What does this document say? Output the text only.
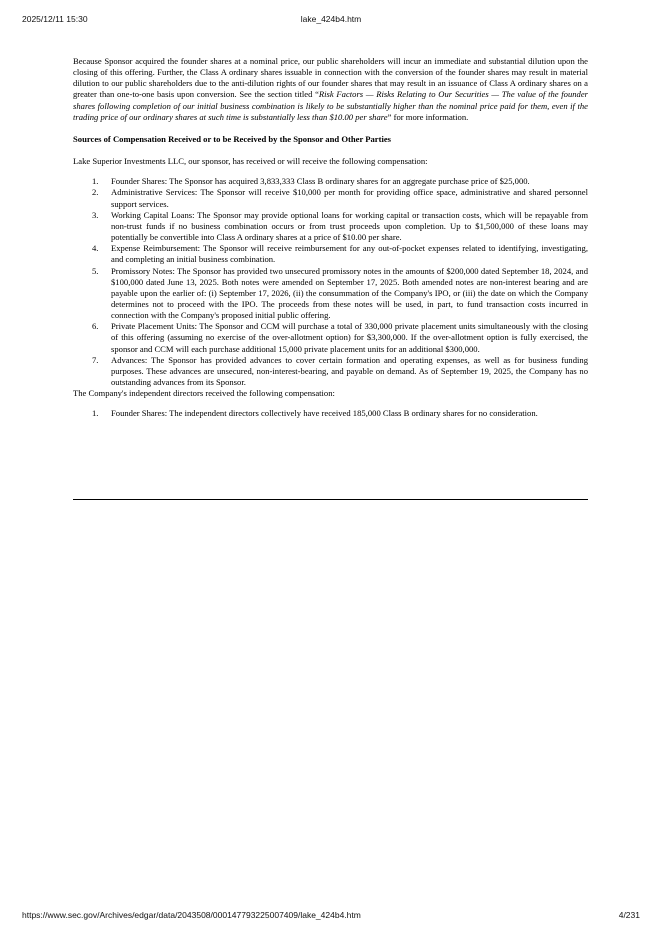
2025/12/11 15:30	lake_424b4.htm

Because Sponsor acquired the founder shares at a nominal price, our public shareholders will incur an immediate and substantial dilution upon the closing of this offering. Further, the Class A ordinary shares issuable in connection with the conversion of the founder shares may result in material dilution to our public shareholders due to the anti-dilution rights of our founder shares that may result in an issuance of Class A ordinary shares on a greater than one-to-one basis upon conversion. See the section titled “Risk Factors — Risks Relating to Our Securities — The value of the founder shares following completion of our initial business combination is likely to be substantially higher than the nominal price paid for them, even if the trading price of our ordinary shares at such time is substantially less than $10.00 per share” for more information.

Sources of Compensation Received or to be Received by the Sponsor and Other Parties

Lake Superior Investments LLC, our sponsor, has received or will receive the following compensation:

1. Founder Shares: The Sponsor has acquired 3,833,333 Class B ordinary shares for an aggregate purchase price of $25,000.
2. Administrative Services: The Sponsor will receive $10,000 per month for providing office space, administrative and shared personnel support services.
3. Working Capital Loans: The Sponsor may provide optional loans for working capital or transaction costs, which will be repayable from non-trust funds if no business combination occurs or from trust proceeds upon completion. Up to $1,500,000 of these loans may potentially be convertible into Class A ordinary shares at a price of $10.00 per share.
4. Expense Reimbursement: The Sponsor will receive reimbursement for any out-of-pocket expenses related to identifying, investigating, and completing an initial business combination.
5. Promissory Notes: The Sponsor has provided two unsecured promissory notes in the amounts of $200,000 dated September 18, 2024, and $100,000 dated June 13, 2025. Both notes were amended on September 17, 2025. Both amended notes are non-interest bearing and are payable upon the earlier of: (i) September 17, 2026, (ii) the consummation of the Company's IPO, or (iii) the date on which the Company determines not to proceed with the IPO. The proceeds from these notes will be used, in part, to fund transaction costs incurred in connection with the Company's proposed initial public offering.
6. Private Placement Units: The Sponsor and CCM will purchase a total of 330,000 private placement units simultaneously with the closing of this offering (assuming no exercise of the over-allotment option) for $3,300,000. If the over-allotment option is fully exercised, the sponsor and CCM will each purchase additional 15,000 private placement units for an additional $300,000.
7. Advances: The Sponsor has provided advances to cover certain formation and operating expenses, as well as for business funding purposes. These advances are unsecured, non-interest-bearing, and payable on demand. As of September 19, 2025, the Company has no outstanding advances from its Sponsor.

The Company's independent directors received the following compensation:

1. Founder Shares: The independent directors collectively have received 185,000 Class B ordinary shares for no consideration.
https://www.sec.gov/Archives/edgar/data/2043508/000147793225007409/lake_424b4.htm	4/231
